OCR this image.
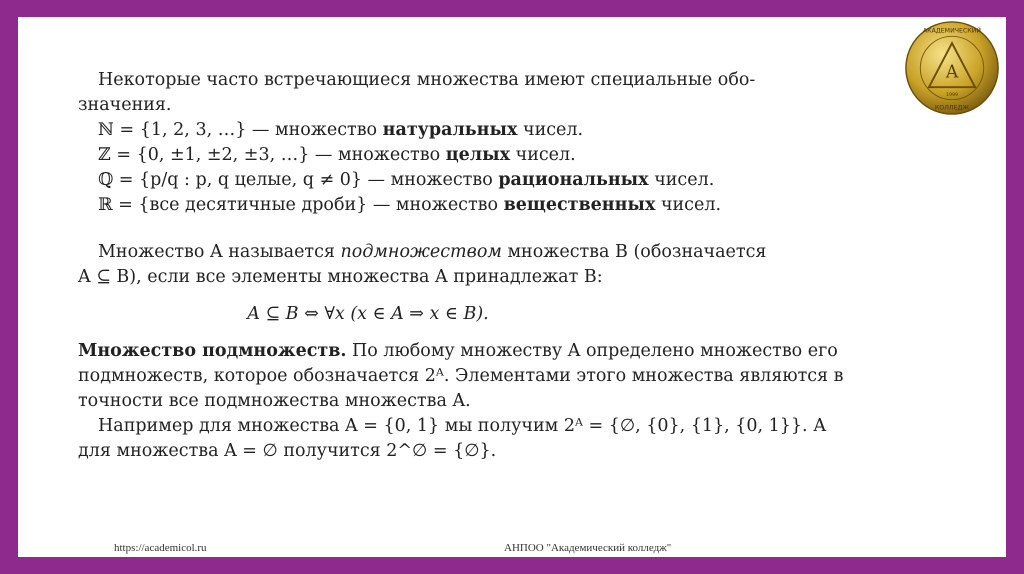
А
АКАДЕМИЧЕСКИЙ
КОЛЛЕДЖ
1999
Некоторые часто встречающиеся множества имеют специальные обо-
значения.
ℕ = {1, 2, 3, …} — множество натуральных чисел.
ℤ = {0, ±1, ±2, ±3, …} — множество целых чисел.
ℚ = {p/q : p, q целые, q ≠ 0} — множество рациональных чисел.
ℝ = {все десятичные дроби} — множество вещественных чисел.
Множество A называется подмножеством множества B (обозначается
A ⊆ B), если все элементы множества A принадлежат B:
A ⊆ B ⇔ ∀x (x ∈ A ⇒ x ∈ B).
Множество подмножеств. По любому множеству A определено множество его
подмножеств, которое обозначается 2ᴬ. Элементами этого множества являются в
точности все подмножества множества A.
Например для множества A = {0, 1} мы получим 2ᴬ = {∅, {0}, {1}, {0, 1}}. А
для множества A = ∅ получится 2^∅ = {∅}.
https://academicol.ru	АНПОО "Академический колледж"
